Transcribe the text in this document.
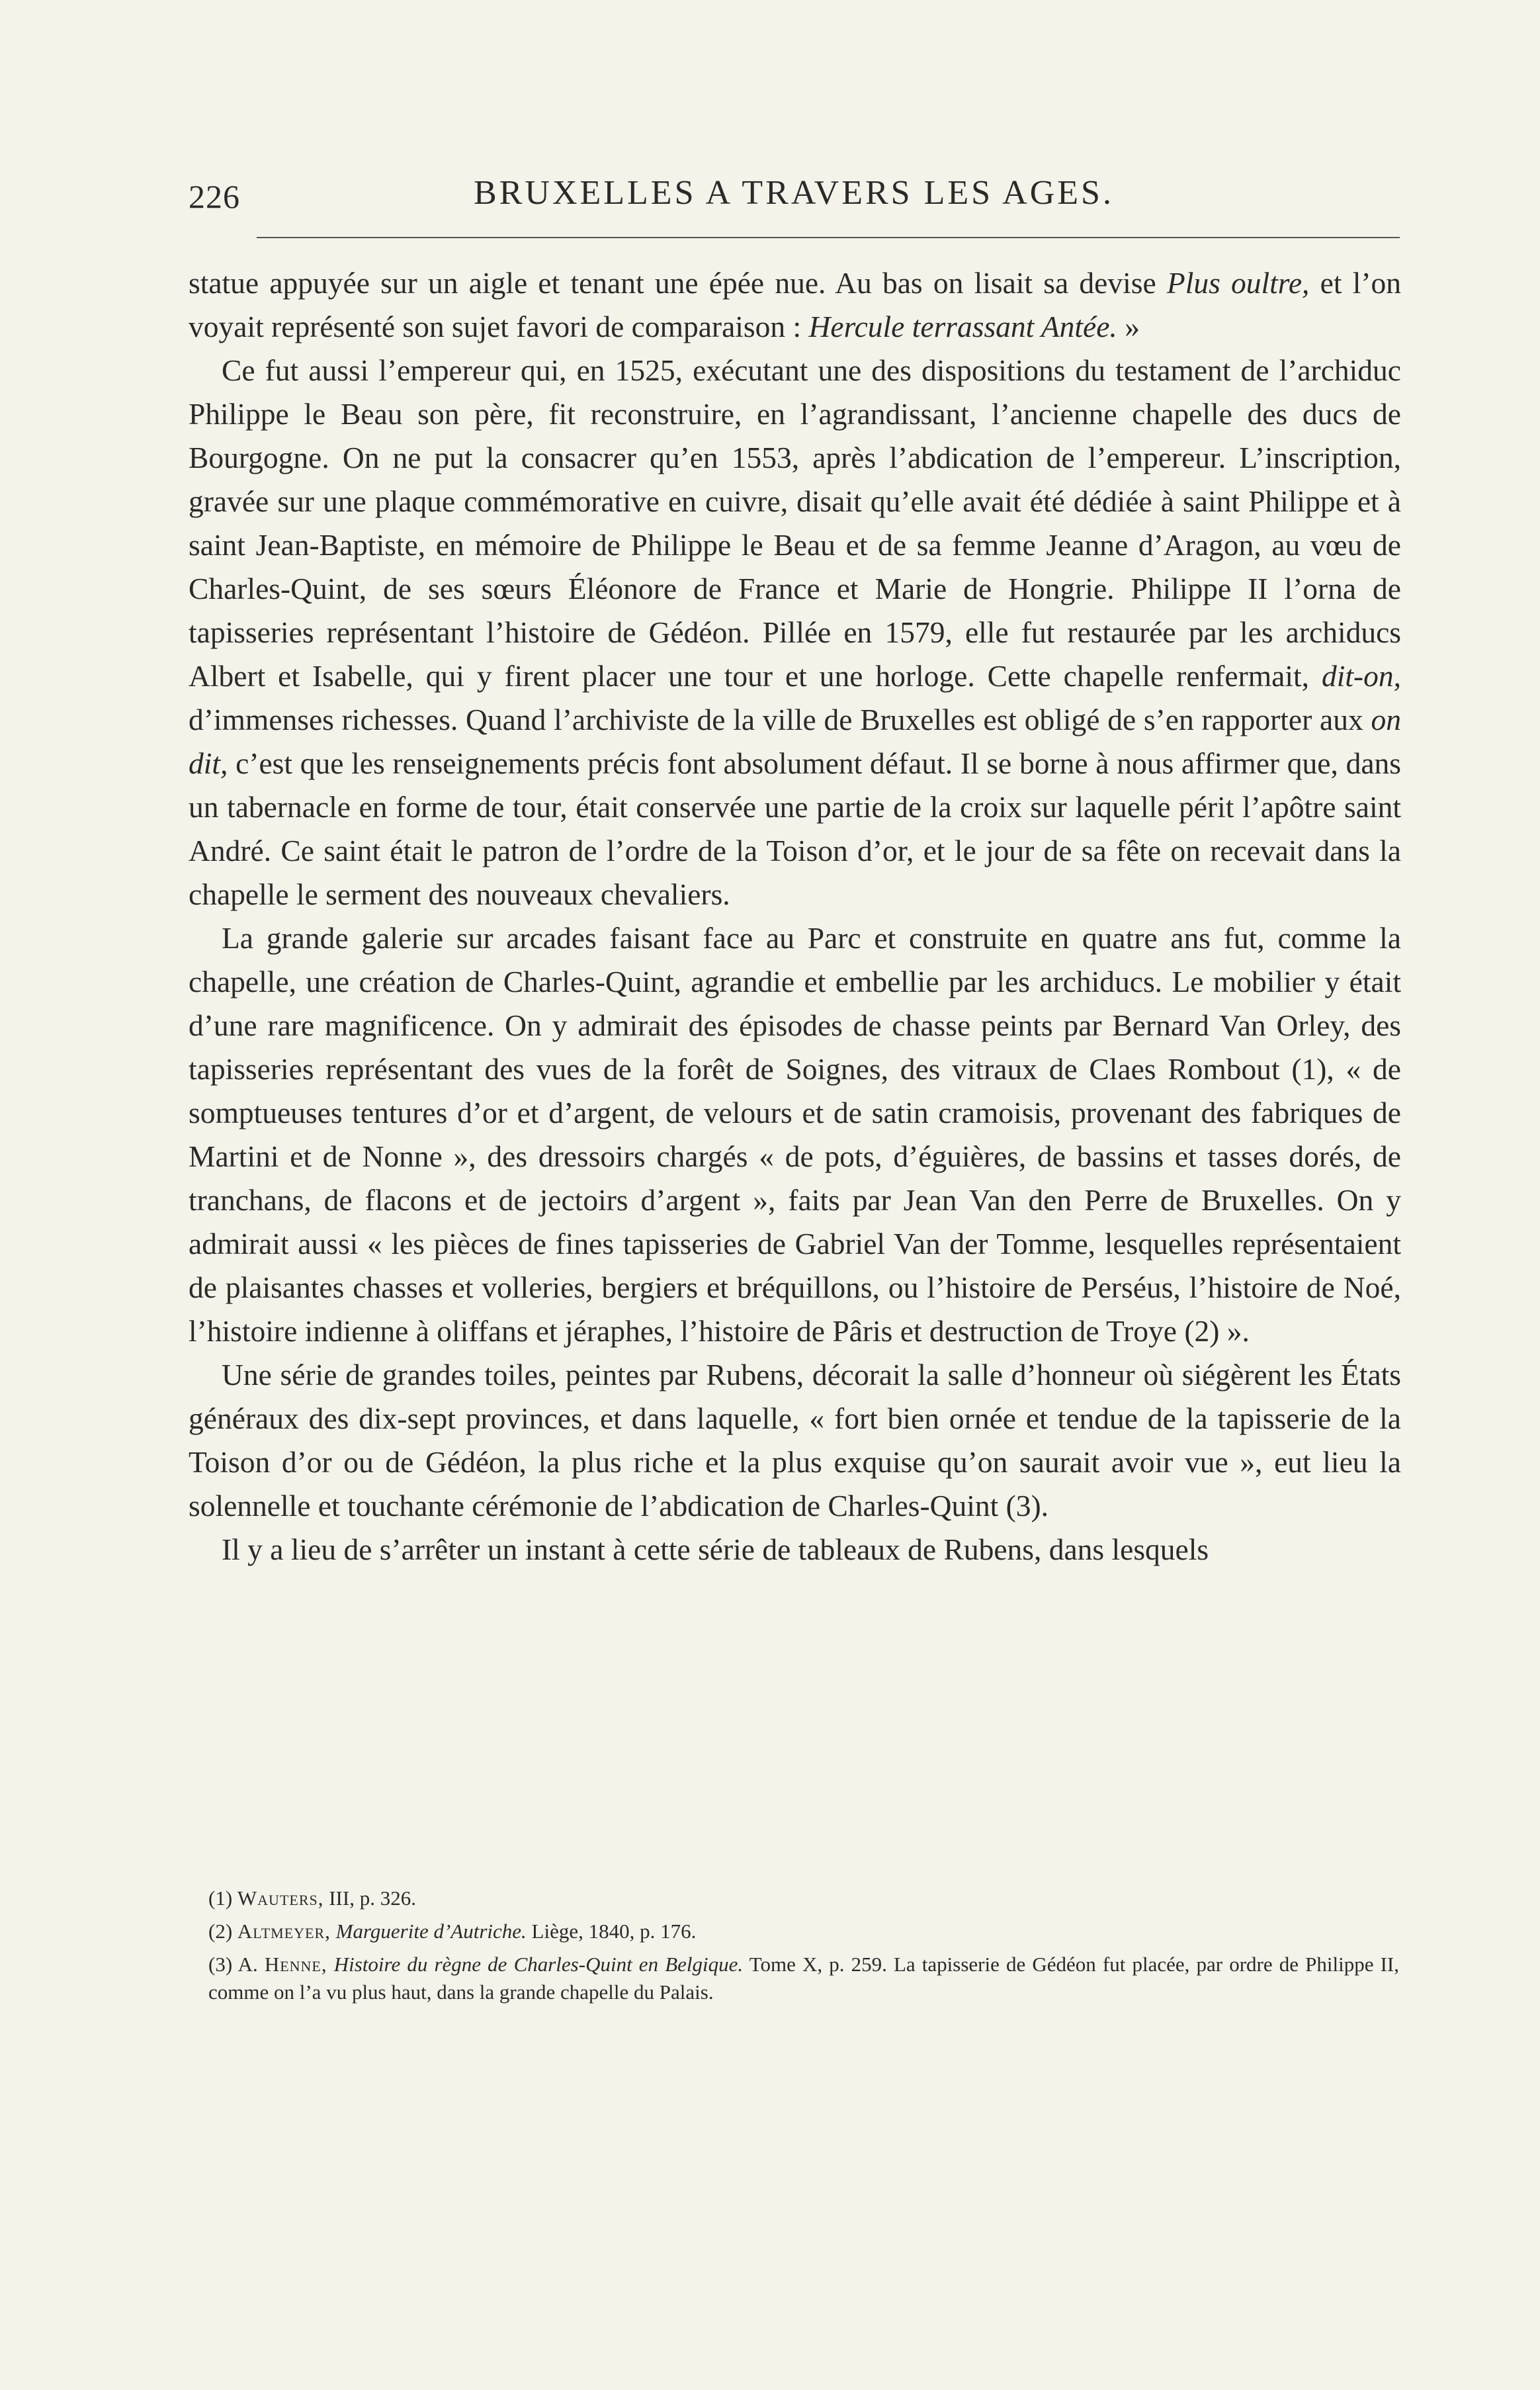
226	BRUXELLES A TRAVERS LES AGES.

statue appuyée sur un aigle et tenant une épée nue. Au bas on lisait sa devise Plus oultre, et l’on voyait représenté son sujet favori de comparaison : Hercule terrassant Antée. »

Ce fut aussi l’empereur qui, en 1525, exécutant une des dispositions du testament de l’archiduc Philippe le Beau son père, fit reconstruire, en l’agrandissant, l’ancienne chapelle des ducs de Bourgogne. On ne put la consacrer qu’en 1553, après l’abdication de l’empereur. L’inscription, gravée sur une plaque commémorative en cuivre, disait qu’elle avait été dédiée à saint Philippe et à saint Jean-Baptiste, en mémoire de Philippe le Beau et de sa femme Jeanne d’Aragon, au vœu de Charles-Quint, de ses sœurs Éléonore de France et Marie de Hongrie. Philippe II l’orna de tapisseries représentant l’histoire de Gédéon. Pillée en 1579, elle fut restaurée par les archiducs Albert et Isabelle, qui y firent placer une tour et une horloge. Cette chapelle renfermait, dit-on, d’immenses richesses. Quand l’archiviste de la ville de Bruxelles est obligé de s’en rapporter aux on dit, c’est que les renseignements précis font absolument défaut. Il se borne à nous affirmer que, dans un tabernacle en forme de tour, était conservée une partie de la croix sur laquelle périt l’apôtre saint André. Ce saint était le patron de l’ordre de la Toison d’or, et le jour de sa fête on recevait dans la chapelle le serment des nouveaux chevaliers.

La grande galerie sur arcades faisant face au Parc et construite en quatre ans fut, comme la chapelle, une création de Charles-Quint, agrandie et embellie par les archiducs. Le mobilier y était d’une rare magnificence. On y admirait des épisodes de chasse peints par Bernard Van Orley, des tapisseries représentant des vues de la forêt de Soignes, des vitraux de Claes Rombout (1), « de somptueuses tentures d’or et d’argent, de velours et de satin cramoisis, provenant des fabriques de Martini et de Nonne », des dressoirs chargés « de pots, d’éguières, de bassins et tasses dorés, de tranchans, de flacons et de jectoirs d’argent », faits par Jean Van den Perre de Bruxelles. On y admirait aussi « les pièces de fines tapisseries de Gabriel Van der Tomme, lesquelles représentaient de plaisantes chasses et volleries, bergiers et bréquillons, ou l’histoire de Perséus, l’histoire de Noé, l’histoire indienne à oliffans et jéraphes, l’histoire de Pâris et destruction de Troye (2) ».

Une série de grandes toiles, peintes par Rubens, décorait la salle d’honneur où siégèrent les États généraux des dix-sept provinces, et dans laquelle, « fort bien ornée et tendue de la tapisserie de la Toison d’or ou de Gédéon, la plus riche et la plus exquise qu’on saurait avoir vue », eut lieu la solennelle et touchante cérémonie de l’abdication de Charles-Quint (3).

Il y a lieu de s’arrêter un instant à cette série de tableaux de Rubens, dans lesquels

(1) Wauters, III, p. 326.

(2) Altmeyer, Marguerite d’Autriche. Liège, 1840, p. 176.

(3) A. Henne, Histoire du règne de Charles-Quint en Belgique. Tome X, p. 259. La tapisserie de Gédéon fut placée, par ordre de Philippe II, comme on l’a vu plus haut, dans la grande chapelle du Palais.
